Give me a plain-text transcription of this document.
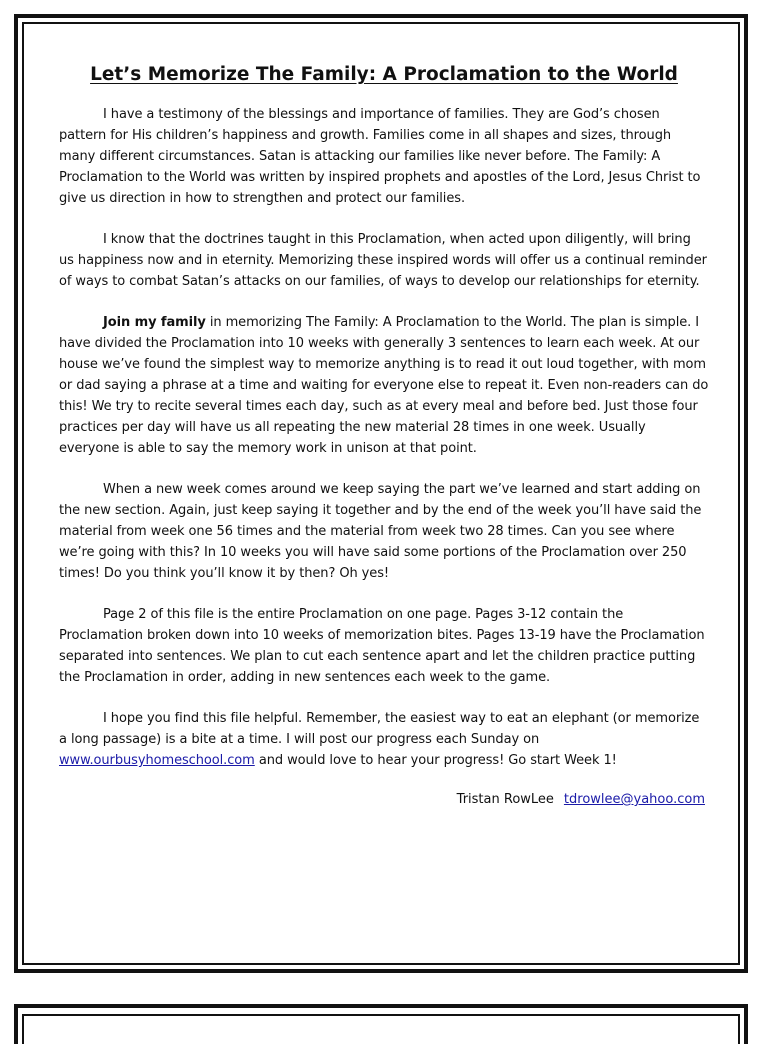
Let’s Memorize The Family: A Proclamation to the World

I have a testimony of the blessings and importance of families. They are God’s chosen pattern for His children’s happiness and growth. Families come in all shapes and sizes, through many different circumstances. Satan is attacking our families like never before. The Family: A Proclamation to the World was written by inspired prophets and apostles of the Lord, Jesus Christ to give us direction in how to strengthen and protect our families.

I know that the doctrines taught in this Proclamation, when acted upon diligently, will bring us happiness now and in eternity. Memorizing these inspired words will offer us a continual reminder of ways to combat Satan’s attacks on our families, of ways to develop our relationships for eternity.

Join my family in memorizing The Family: A Proclamation to the World. The plan is simple. I have divided the Proclamation into 10 weeks with generally 3 sentences to learn each week. At our house we’ve found the simplest way to memorize anything is to read it out loud together, with mom or dad saying a phrase at a time and waiting for everyone else to repeat it. Even non-readers can do this! We try to recite several times each day, such as at every meal and before bed. Just those four practices per day will have us all repeating the new material 28 times in one week. Usually everyone is able to say the memory work in unison at that point.

When a new week comes around we keep saying the part we’ve learned and start adding on the new section. Again, just keep saying it together and by the end of the week you’ll have said the material from week one 56 times and the material from week two 28 times. Can you see where we’re going with this? In 10 weeks you will have said some portions of the Proclamation over 250 times! Do you think you’ll know it by then? Oh yes!

Page 2 of this file is the entire Proclamation on one page. Pages 3-12 contain the Proclamation broken down into 10 weeks of memorization bites. Pages 13-19 have the Proclamation separated into sentences. We plan to cut each sentence apart and let the children practice putting the Proclamation in order, adding in new sentences each week to the game.

I hope you find this file helpful. Remember, the easiest way to eat an elephant (or memorize a long passage) is a bite at a time. I will post our progress each Sunday on www.ourbusyhomeschool.com and would love to hear your progress! Go start Week 1!

Tristan RowLee tdrowlee@yahoo.com
